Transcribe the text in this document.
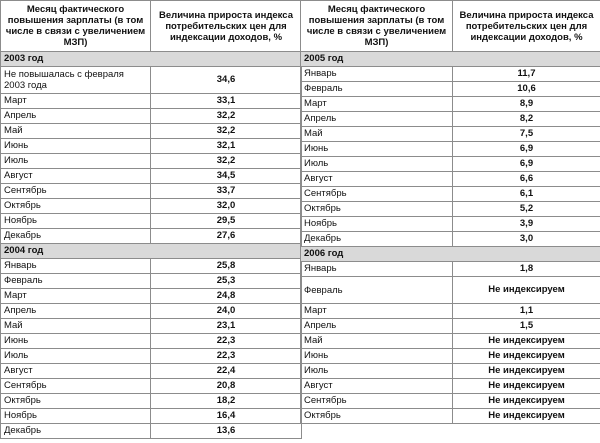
Месяц фактического повышения зарплаты (в том числе в связи с увеличением МЗП)	Величина прироста индекса потребительских цен для индексации доходов, %
2003 год	
Не повышалась с февраля 2003 года	34,6
Март	33,1
Апрель	32,2
Май	32,2
Июнь	32,1
Июль	32,2
Август	34,5
Сентябрь	33,7
Октябрь	32,0
Ноябрь	29,5
Декабрь	27,6
2004 год	
Январь	25,8
Февраль	25,3
Март	24,8
Апрель	24,0
Май	23,1
Июнь	22,3
Июль	22,3
Август	22,4
Сентябрь	20,8
Октябрь	18,2
Ноябрь	16,4
Декабрь	13,6
Месяц фактического повышения зарплаты (в том числе в связи с увеличением МЗП)	Величина прироста индекса потребительских цен для индексации доходов, %
2005 год	
Январь	11,7
Февраль	10,6
Март	8,9
Апрель	8,2
Май	7,5
Июнь	6,9
Июль	6,9
Август	6,6
Сентябрь	6,1
Октябрь	5,2
Ноябрь	3,9
Декабрь	3,0
2006 год	
Январь	1,8
Февраль	Не индексируем
Март	1,1
Апрель	1,5
Май	Не индексируем
Июнь	Не индексируем
Июль	Не индексируем
Август	Не индексируем
Сентябрь	Не индексируем
Октябрь	Не индексируем
